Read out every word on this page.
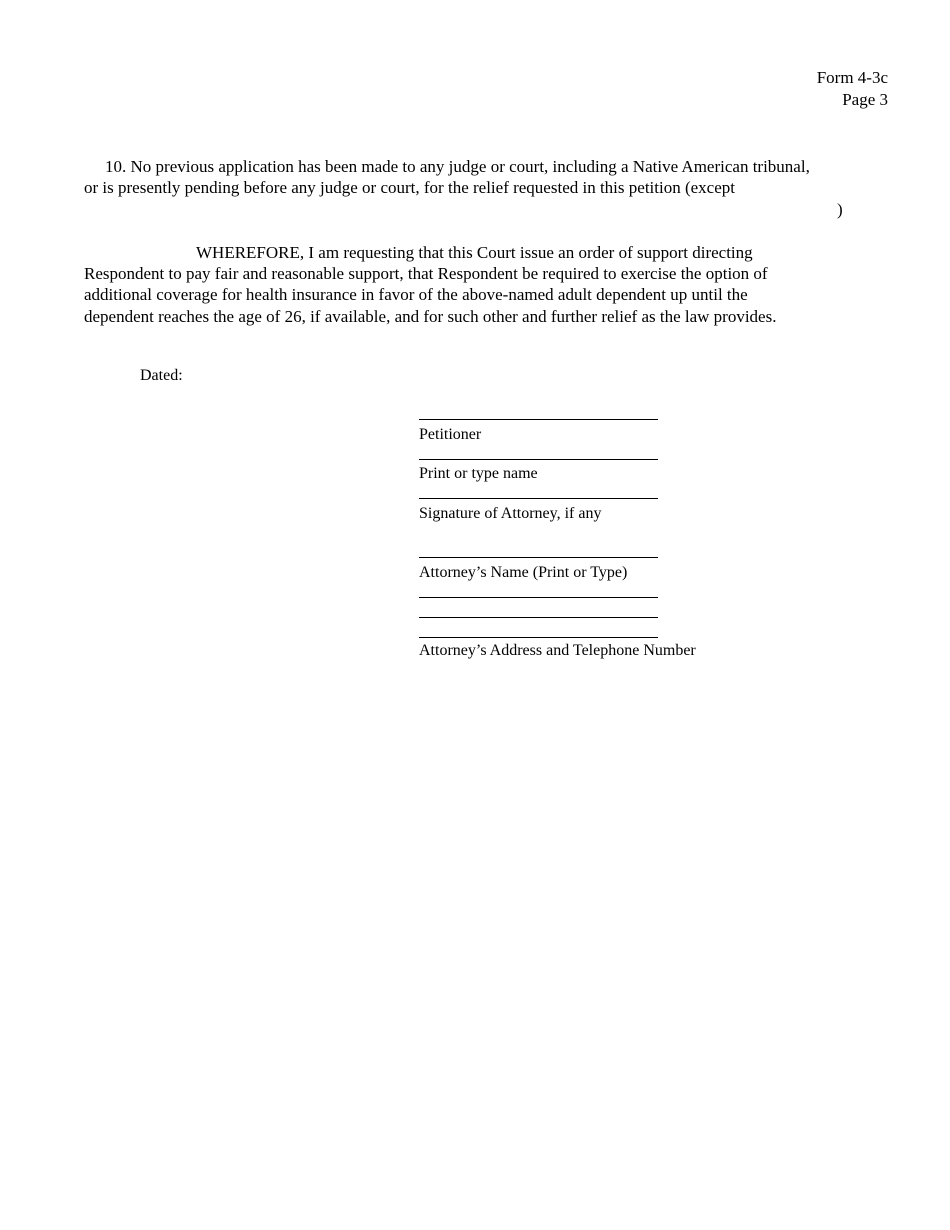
Form 4-3c
Page 3
10. No previous application has been made to any judge or court, including a Native American tribunal,
or is presently pending before any judge or court, for the relief requested in this petition (except
)
WHEREFORE, I am requesting that this Court issue an order of support directing
Respondent to pay fair and reasonable support, that Respondent be required to exercise the option of
additional coverage for health insurance in favor of the above-named adult dependent up until the
dependent reaches the age of 26, if available, and for such other and further relief as the law provides.
Dated:
Petitioner
Print or type name
Signature of Attorney, if any
Attorney’s Name (Print or Type)
Attorney’s Address and Telephone Number
